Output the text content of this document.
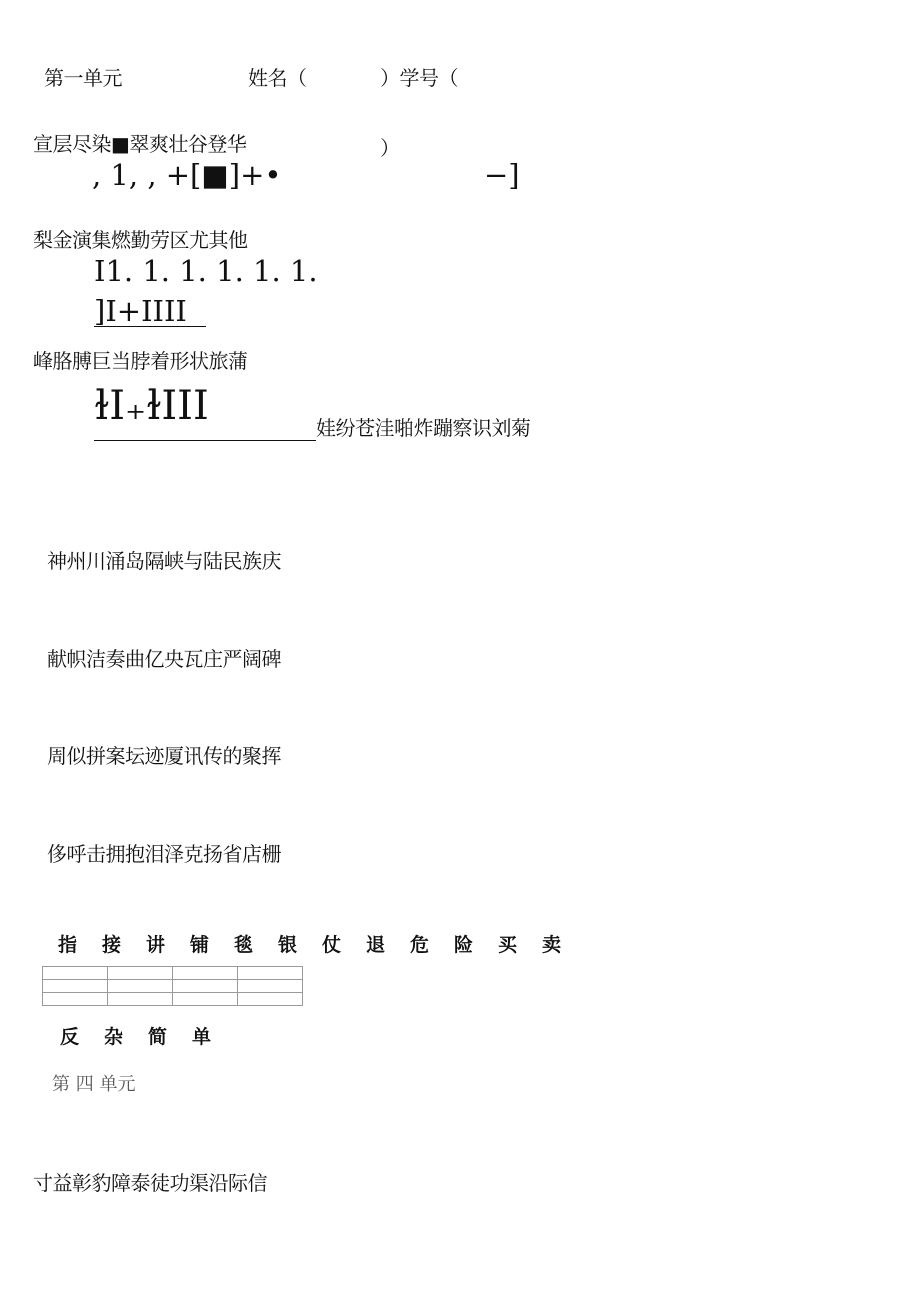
第一单元	姓名（	）学号（
宣层尽染■翠爽壮谷登华	）
, 1, , +[■]+•	−]
梨金演集燃勤劳区尤其他
I1. 1. 1. 1. 1. 1.
]I+IIII
峰胳膊巨当脖着形状旅蒲
ɫI₊ɫIII	娃纷苍洼啪炸蹦察识刘菊
神州川涌岛隔峡与陆民族庆
献帜洁奏曲亿央瓦庄严阔碑
周似拼案坛迹厦讯传的聚挥
侈呼击拥抱泪泽克扬省店栅
指 接 讲 铺 毯 银 仗 退 危 险 买 卖

反 杂 简 单
第 四 单元
寸益彰豹障泰徒功渠沿际信
